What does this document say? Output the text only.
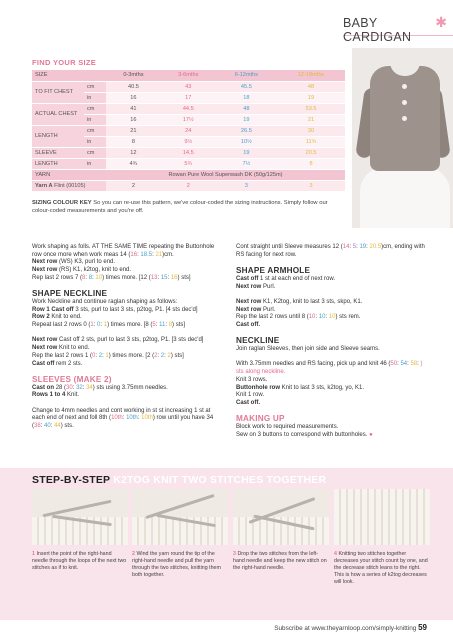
BABY CARDIGAN
✱
FIND YOUR SIZE
SIZE		0-3mths	3-6mths	6-12mths	12-18mths
TO FIT CHEST	cm	40.5	43	45.5	48
	in	16	17	18	19
ACTUAL CHEST	cm	41	44.5	48	53.5
	in	16	17½	19	21
LENGTH	cm	21	24	26.5	30
	in	8	9½	10½	11¾
SLEEVE	cm	12	14.5	19	20.5
LENGTH	in	4¾	5¾	7½	8
YARN		Rowan Pure Wool Superwash DK (50g/125m)			
Yarn A Flint (00105)		2	2	3	3
SIZING COLOUR KEY So you can re-use this pattern, we've colour-coded the sizing instructions. Simply follow our colour-coded measurements and you're off.

Work shaping as folls. AT THE SAME TIME repeating the Buttonhole row once more when work meas 14 (16: 18.5: 21)cm.
Next row (WS) K3, purl to end.
Next row (RS) K1, k2tog, knit to end.
Rep last 2 rows 7 (8: 8: 10) times more. [12 (13: 15: 16) sts]

SHAPE NECKLINE

Work Neckline and continue raglan shaping as follows:
Row 1 Cast off 3 sts, purl to last 3 sts, p2tog, P1. [4 sts dec'd]
Row 2 Knit to end.
Repeat last 2 rows 0 (1: 0: 1) times more. [8 (5: 11: 8) sts]

Next row Cast off 2 sts, purl to last 3 sts, p2tog, P1. [3 sts dec'd]
Next row Knit to end.
Rep the last 2 rows 1 (0: 2: 1) times more. [2 (2: 2: 2) sts]
Cast off rem 2 sts.

SLEEVES (MAKE 2)

Cast on 28 (30: 32: 34) sts using 3.75mm needles.
Rows 1 to 4 Knit.

Change to 4mm needles and cont working in st st increasing 1 st at each end of next and foll 8th (10th: 10th: 10th) row until you have 34 (38: 40: 44) sts.

Cont straight until Sleeve measures 12 (14: 5: 19: 20.5)cm, ending with RS facing for next row.

SHAPE ARMHOLE

Cast off 1 st at each end of next row.
Next row Purl.

Next row K1, K2tog, knit to last 3 sts, skpo, K1.
Next row Purl.
Rep the last 2 rows until 8 (10: 10: 10) sts rem.
Cast off.

NECKLINE

Join raglan Sleeves, then join side and Sleeve seams.

With 3.75mm needles and RS facing, pick up and knit 46 (50: 54: 58: ) sts along neckline.
Knit 3 rows.
Buttonhole row Knit to last 3 sts, k2tog, yo, K1.
Knit 1 row.
Cast off.

MAKING UP

Block work to required measurements.
Sew on 3 buttons to correspond with buttonholes. ●

STEP-BY-STEP K2TOG KNIT TWO STITCHES TOGETHER
1 Insert the point of the right-hand needle through the loops of the next two stitches as if to knit.
2 Wind the yarn round the tip of the right-hand needle and pull the yarn through the two stitches, knitting them both together.
3 Drop the two stitches from the left-hand needle and keep the new stitch on the right-hand needle.
4 Knitting two stitches together decreases your stitch count by one, and the decrease stitch leans to the right. This is how a series of k2tog decreases will look.
Subscribe at www.theyarnloop.com/simply-knitting 59
